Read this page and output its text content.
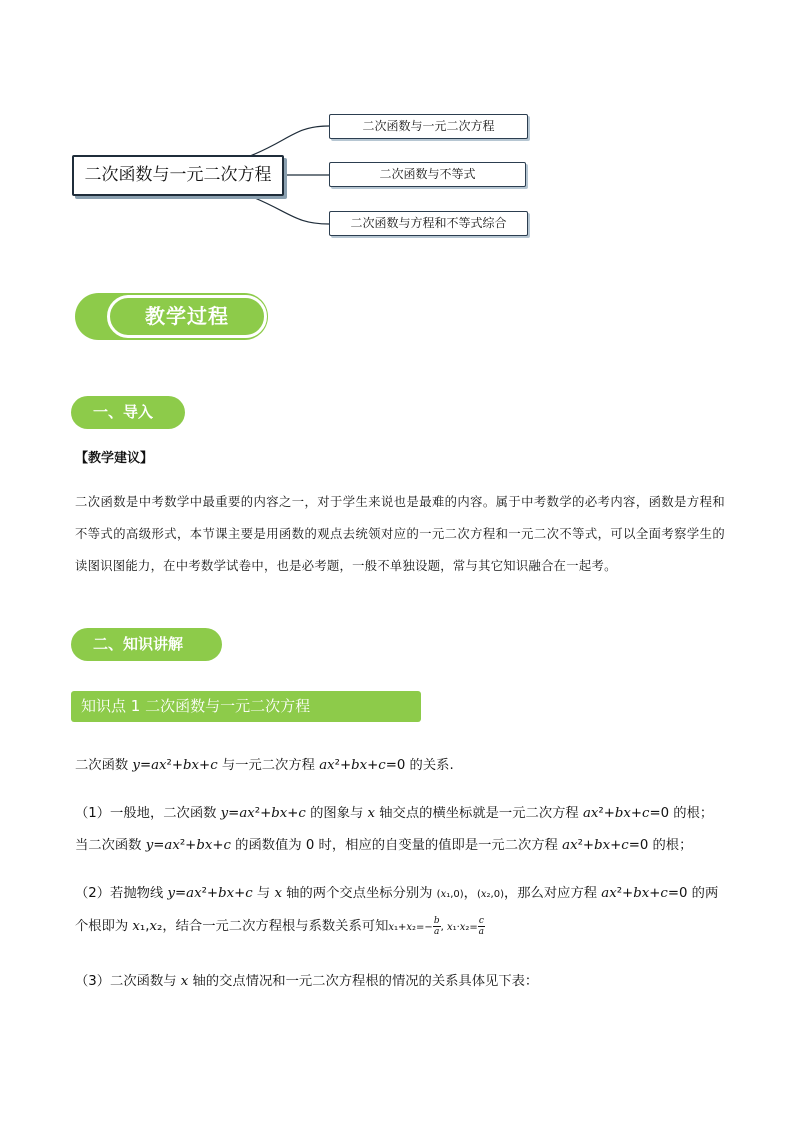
二次函数与一元二次方程
二次函数与一元二次方程
二次函数与不等式
二次函数与方程和不等式综合
教学过程
一、导入
【教学建议】
二次函数是中考数学中最重要的内容之一，对于学生来说也是最难的内容。属于中考数学的必考内容，函数是方程和不等式的高级形式，本节课主要是用函数的观点去统领对应的一元二次方程和一元二次不等式，可以全面考察学生的读图识图能力，在中考数学试卷中，也是必考题，一般不单独设题，常与其它知识融合在一起考。
二、知识讲解
知识点 1 二次函数与一元二次方程
二次函数 y=ax²+bx+c 与一元二次方程 ax²+bx+c=0 的关系.
（1）一般地，二次函数 y=ax²+bx+c 的图象与 x 轴交点的横坐标就是一元二次方程 ax²+bx+c=0 的根；当二次函数 y=ax²+bx+c 的函数值为 0 时，相应的自变量的值即是一元二次方程 ax²+bx+c=0 的根；
（2）若抛物线 y=ax²+bx+c 与 x 轴的两个交点坐标分别为 (x₁,0)，(x₂,0)，那么对应方程 ax²+bx+c=0 的两个根即为 x₁,x₂，结合一元二次方程根与系数关系可知$x_1+x_2=- \frac{b}{a}$ , $x_1\cdot x_2= \frac{c}{a}$
（3）二次函数与 x 轴的交点情况和一元二次方程根的情况的关系具体见下表：
